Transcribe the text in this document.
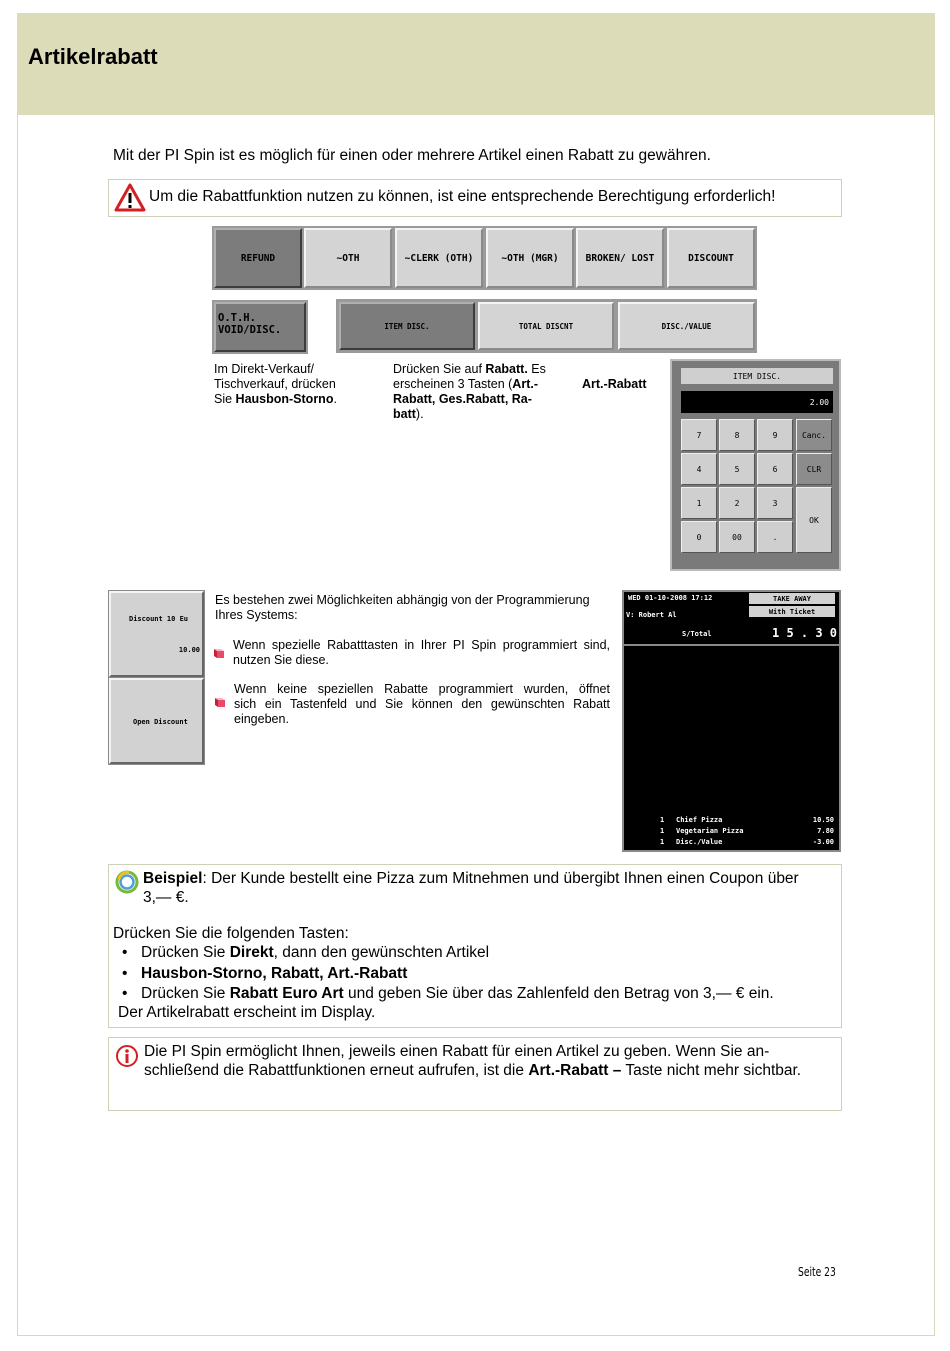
Artikelrabatt
Mit der PI Spin ist es möglich für einen oder mehrere Artikel einen Rabatt zu gewähren.
Um die Rabattfunktion nutzen zu können, ist eine entsprechende Berechtigung erforderlich!
REFUND	~OTH	~CLERK (OTH)	~OTH (MGR)	BROKEN/ LOST	DISCOUNT
O.T.H. VOID/DISC.	ITEM DISC.	TOTAL DISCNT	DISC./VALUE
Im Direkt-Verkauf/
Tischverkauf, drücken
Sie Hausbon-Storno.
Drücken Sie auf Rabatt. Es
erscheinen 3 Tasten (Art.-
Rabatt, Ges.Rabatt, Ra-
batt).
Art.-Rabatt
ITEM DISC.
2.00
7	8	9	Canc.
4	5	6	CLR
1	2	3
OK
0	00	.
Discount 10 Eu
10.00
Open Discount
Es bestehen zwei Möglichkeiten abhängig von der Programmierung
Ihres Systems:
Wenn spezielle Rabatttasten in Ihrer PI Spin programmiert sind,
nutzen Sie diese.
Wenn keine speziellen Rabatte programmiert wurden, öffnet
sich ein Tastenfeld und Sie können den gewünschten Rabatt
eingeben.
WED 01-10-2008 17:12
V: Robert Al
TAKE AWAY
With Ticket
S/Total	1 5 . 3 0
1 Chief Pizza	10.50
1 Vegetarian Pizza	7.80
1 Disc./Value	-3.00
Beispiel: Der Kunde bestellt eine Pizza zum Mitnehmen und übergibt Ihnen einen Coupon über
3,— €.
Drücken Sie die folgenden Tasten:
• Drücken Sie Direkt, dann den gewünschten Artikel
• Hausbon-Storno, Rabatt, Art.-Rabatt
• Drücken Sie Rabatt Euro Art und geben Sie über das Zahlenfeld den Betrag von 3,— € ein.
Der Artikelrabatt erscheint im Display.
Die PI Spin ermöglicht Ihnen, jeweils einen Rabatt für einen Artikel zu geben. Wenn Sie an-
schließend die Rabattfunktionen erneut aufrufen, ist die Art.-Rabatt – Taste nicht mehr sichtbar.
Seite 23
